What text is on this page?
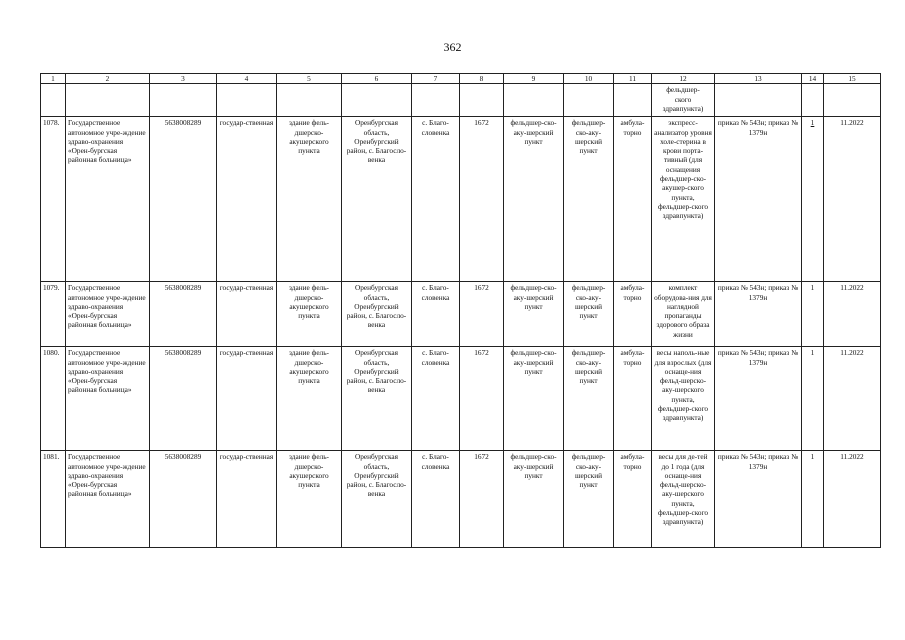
362
1	2	3	4	5	6	7	8	9	10	11	12	13	14	15
											фельдшер-
ского
здравпункта)			
1078.	Государственное автономное учре-ждение здраво-охранения «Орен-бургская районная больница»	5638008289	государ-ственная	здание фель-дшерско-акушерского пункта	Оренбургская область, Оренбургский район, с. Благосло-венка	с. Благо-словенка	1672	фельдшер-ско-аку-шерский пункт	фельдшер-ско-аку-шерский пункт	амбула-торно	экспресс-анализатор уровня холе-стерина в крови порта-тивный (для оснащения фельдшер-ско-акушер-ского пункта, фельдшер-ского здравпункта)	приказ № 543н; приказ № 1379н	1	11.2022
1079.	Государственное автономное учре-ждение здраво-охранения «Орен-бургская районная больница»	5638008289	государ-ственная	здание фель-дшерско-акушерского пункта	Оренбургская область, Оренбургский район, с. Благосло-венка	с. Благо-словенка	1672	фельдшер-ско-аку-шерский пункт	фельдшер-ско-аку-шерский пункт	амбула-торно	комплект оборудова-ния для наглядной пропаганды здорового образа жизни	приказ № 543н; приказ № 1379н	1	11.2022
1080.	Государственное автономное учре-ждение здраво-охранения «Орен-бургская районная больница»	5638008289	государ-ственная	здание фель-дшерско-акушерского пункта	Оренбургская область, Оренбургский район, с. Благосло-венка	с. Благо-словенка	1672	фельдшер-ско-аку-шерский пункт	фельдшер-ско-аку-шерский пункт	амбула-торно	весы наполь-ные для взрослых (для оснаще-ния фельд-шерско-аку-шерского пункта, фельдшер-ского здравпункта)	приказ № 543н; приказ № 1379н	1	11.2022
1081.	Государственное автономное учре-ждение здраво-охранения «Орен-бургская районная больница»	5638008289	государ-ственная	здание фель-дшерско-акушерского пункта	Оренбургская область, Оренбургский район, с. Благосло-венка	с. Благо-словенка	1672	фельдшер-ско-аку-шерский пункт	фельдшер-ско-аку-шерский пункт	амбула-торно	весы для де-тей до 1 года (для оснаще-ния фельд-шерско-аку-шерского пункта, фельдшер-ского здравпункта)	приказ № 543н; приказ № 1379н	1	11.2022
